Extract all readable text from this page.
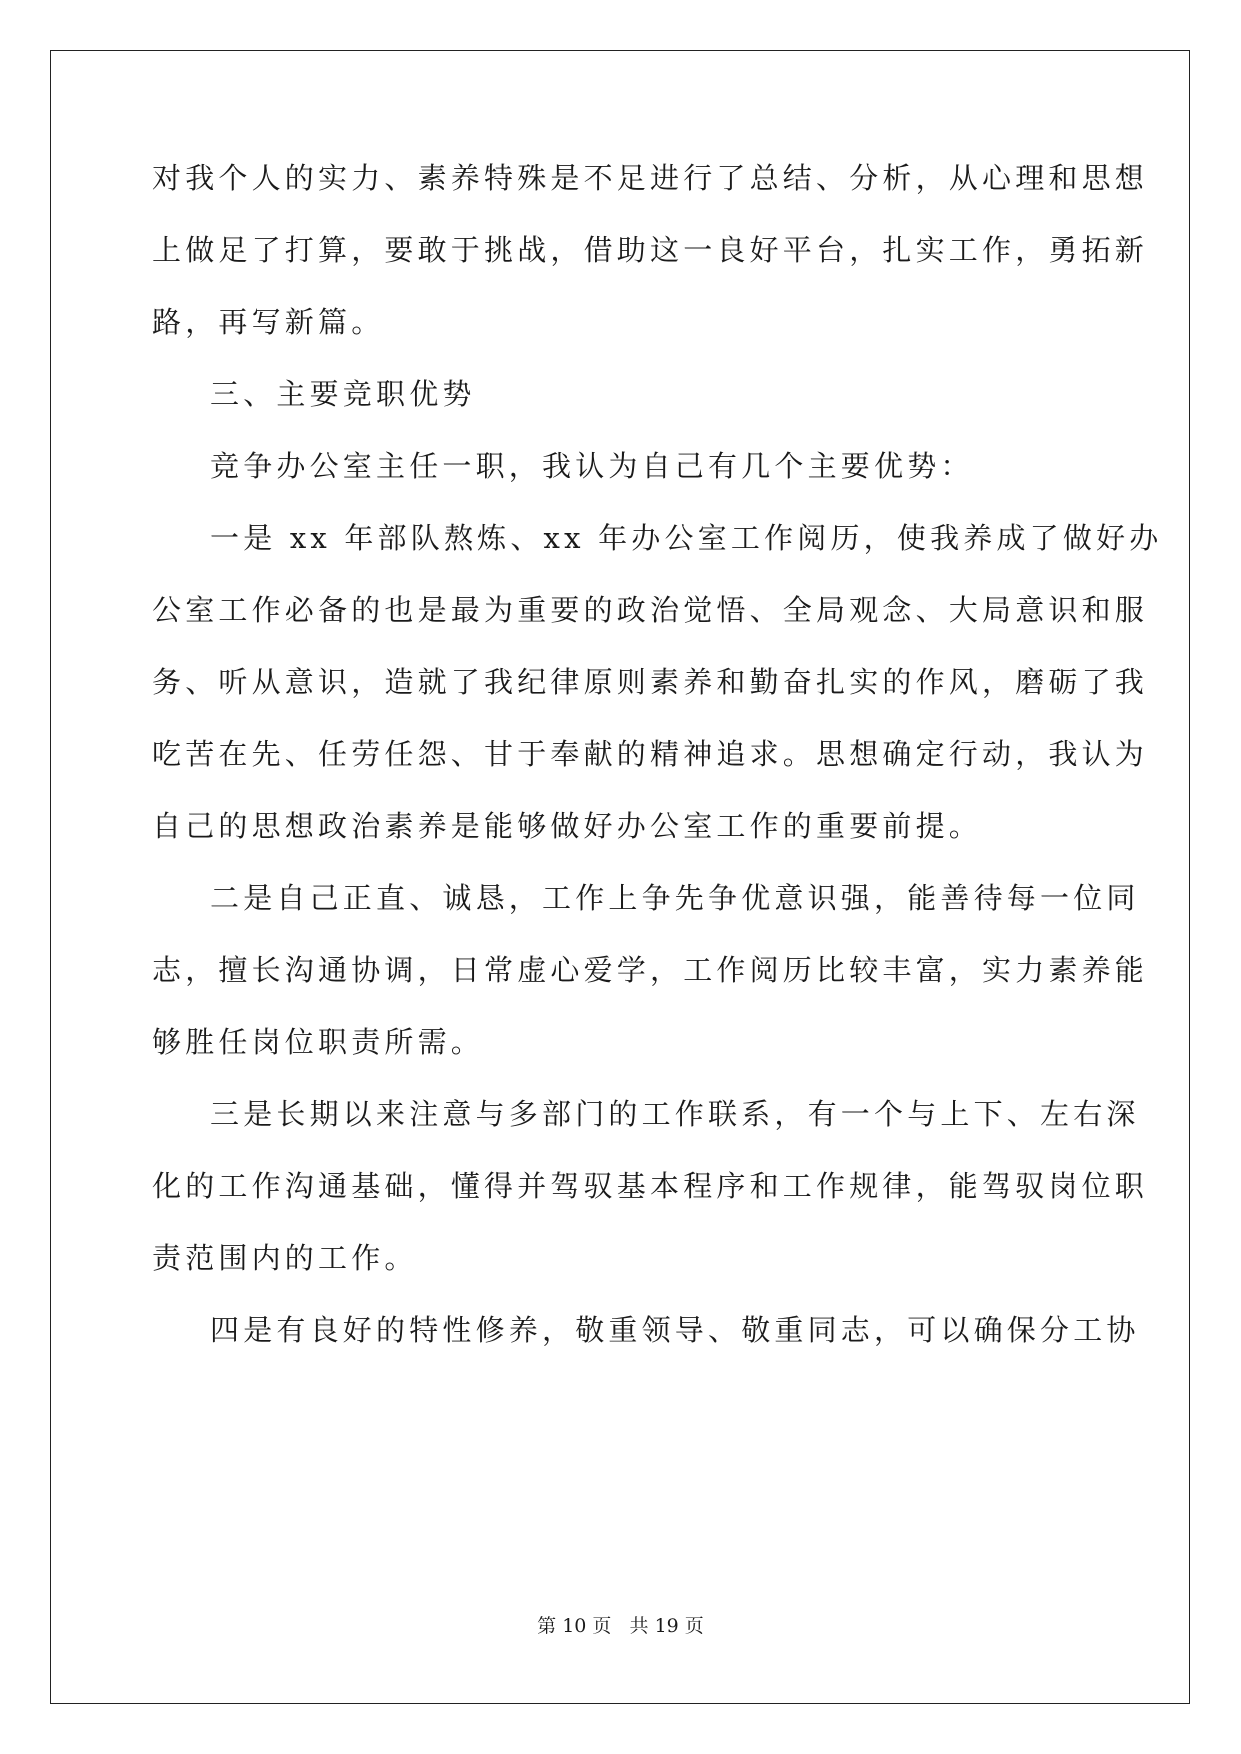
对我个人的实力、素养特殊是不足进行了总结、分析，从心理和思想
上做足了打算，要敢于挑战，借助这一良好平台，扎实工作，勇拓新
路，再写新篇。
三、主要竞职优势
竞争办公室主任一职，我认为自己有几个主要优势：
一是 xx 年部队熬炼、xx 年办公室工作阅历，使我养成了做好办
公室工作必备的也是最为重要的政治觉悟、全局观念、大局意识和服
务、听从意识，造就了我纪律原则素养和勤奋扎实的作风，磨砺了我
吃苦在先、任劳任怨、甘于奉献的精神追求。思想确定行动，我认为
自己的思想政治素养是能够做好办公室工作的重要前提。
二是自己正直、诚恳，工作上争先争优意识强，能善待每一位同
志，擅长沟通协调，日常虚心爱学，工作阅历比较丰富，实力素养能
够胜任岗位职责所需。
三是长期以来注意与多部门的工作联系，有一个与上下、左右深
化的工作沟通基础，懂得并驾驭基本程序和工作规律，能驾驭岗位职
责范围内的工作。
四是有良好的特性修养，敬重领导、敬重同志，可以确保分工协
第 10 页   共 19 页
